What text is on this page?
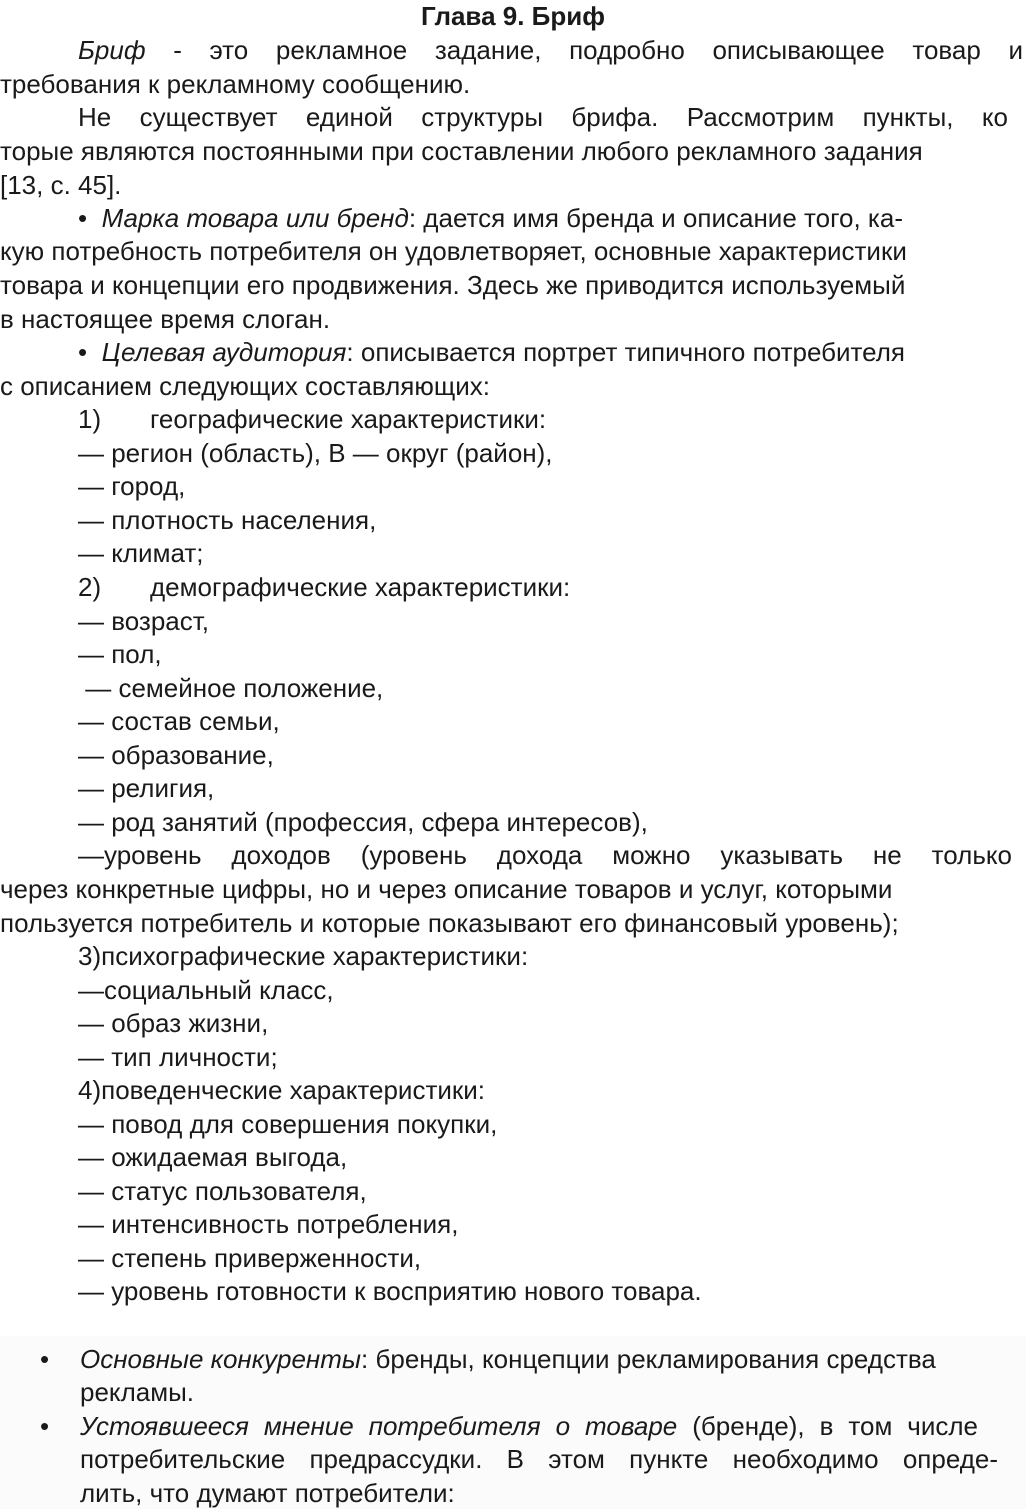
Глава 9. Бриф
Бриф - это рекламное задание, подробно описывающее товар и
требования к рекламному сообщению.
Не существует единой структуры брифа. Рассмотрим пункты, ко
торые являются постоянными при составлении любого рекламного задания
[13, с. 45].
• Марка товара или бренд: дается имя бренда и описание того, ка-
кую потребность потребителя он удовлетворяет, основные характеристики
товара и концепции его продвижения. Здесь же приводится используемый
в настоящее время слоган.
• Целевая аудитория: описывается портрет типичного потребителя
с описанием следующих составляющих:
1) географические характеристики:
— регион (область), В — округ (район),
— город,
— плотность населения,
— климат;
2) демографические характеристики:
— возраст,
— пол,
— семейное положение,
— состав семьи,
— образование,
— религия,
— род занятий (профессия, сфера интересов),
—уровень доходов (уровень дохода можно указывать не только
через конкретные цифры, но и через описание товаров и услуг, которыми
пользуется потребитель и которые показывают его финансовый уровень);
3)психографические характеристики:
—социальный класс,
— образ жизни,
— тип личности;
4)поведенческие характеристики:
— повод для совершения покупки,
— ожидаемая выгода,
— статус пользователя,
— интенсивность потребления,
— степень приверженности,
— уровень готовности к восприятию нового товара.
• Основные конкуренты: бренды, концепции рекламирования средства
рекламы.
• Устоявшееся мнение потребителя о товаре (бренде), в том числе
потребительские предрассудки. В этом пункте необходимо опреде-
лить, что думают потребители:
